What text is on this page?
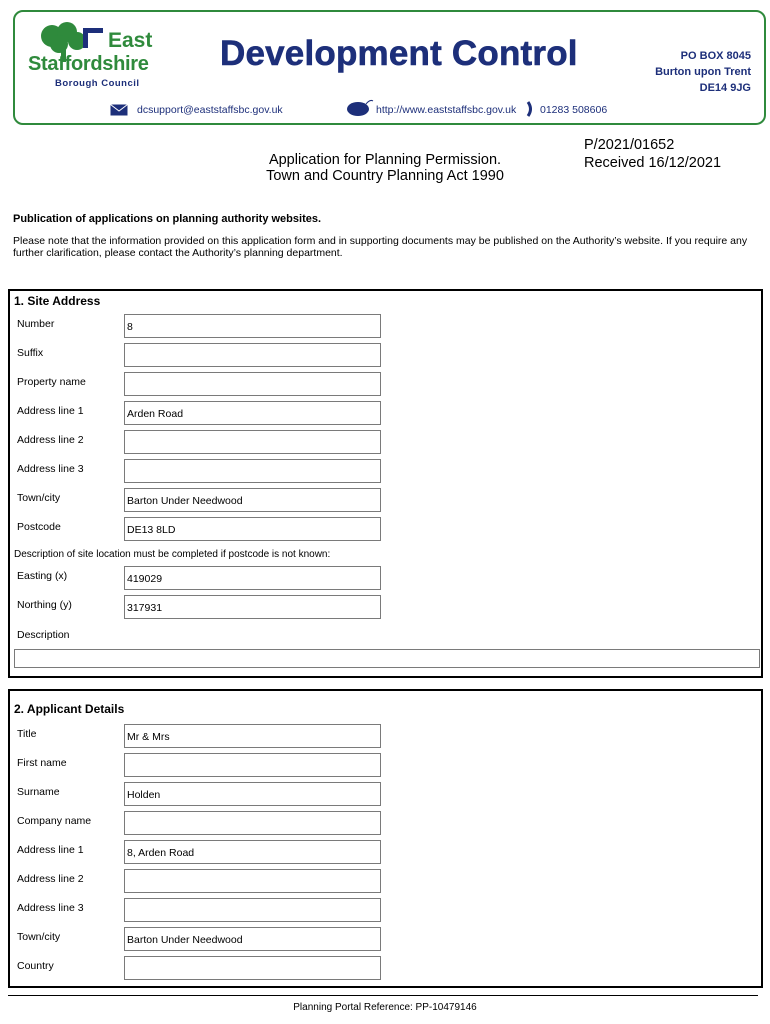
East
Staffordshire
Borough Council
Development Control	PO BOX 8045
Burton upon Trent
DE14 9JG
dcsupport@eaststaffsbc.gov.uk	http://www.eaststaffsbc.gov.uk 01283 508606
Application for Planning Permission.
Town and Country Planning Act 1990
P/2021/01652
Received 16/12/2021
Publication of applications on planning authority websites.
Please note that the information provided on this application form and in supporting documents may be published on the Authority’s website. If you require any further clarification, please contact the Authority’s planning department.
1. Site Address
Number	8
Suffix
Property name
Address line 1	Arden Road
Address line 2
Address line 3
Town/city	Barton Under Needwood
Postcode	DE13 8LD
Description of site location must be completed if postcode is not known:
Easting (x)	419029
Northing (y)	317931
Description
2. Applicant Details
Title	Mr & Mrs
First name
Surname	Holden
Company name
Address line 1	8, Arden Road
Address line 2
Address line 3
Town/city	Barton Under Needwood
Country
Planning Portal Reference: PP-10479146
